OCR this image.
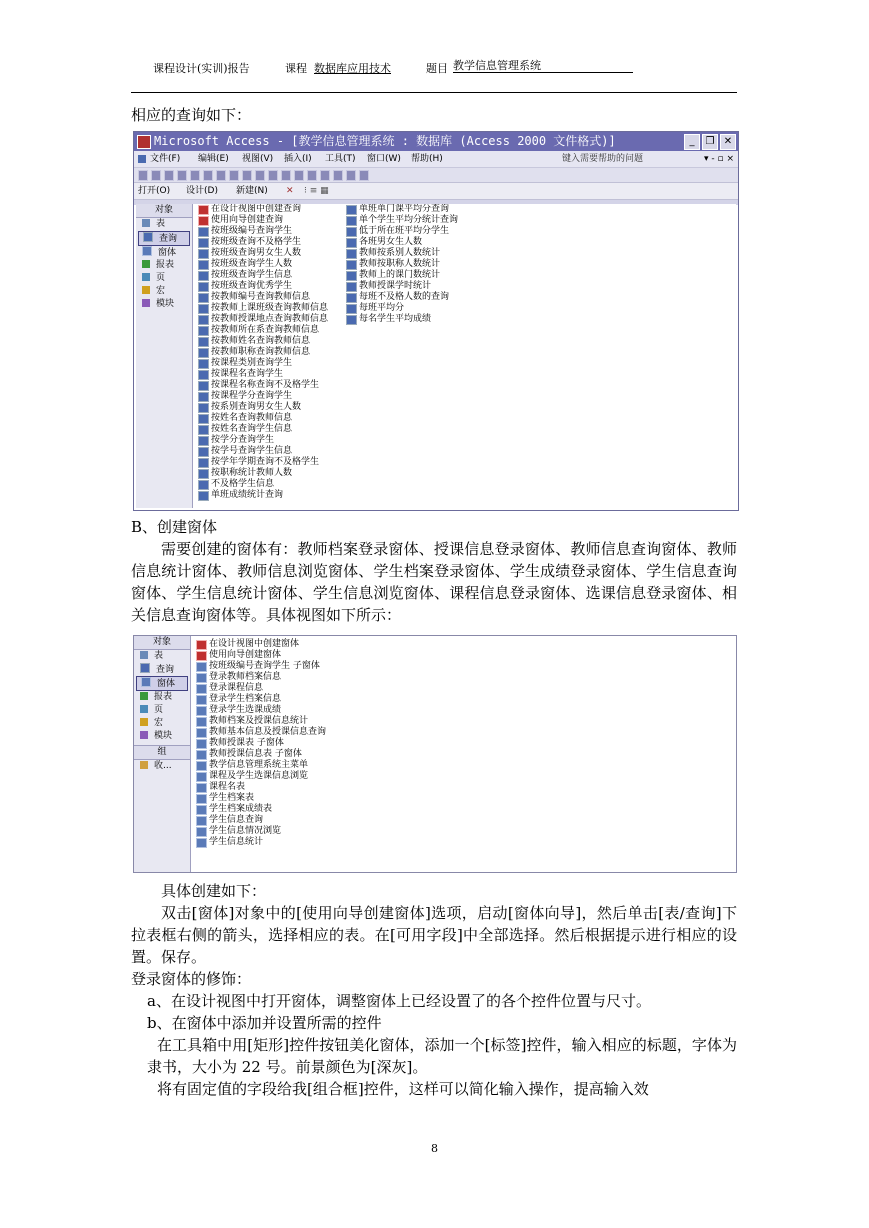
课程设计(实训)报告	课程 数据库应用技术	题目 教学信息管理系统
相应的查询如下：
Microsoft Access - [教学信息管理系统 : 数据库 (Access 2000 文件格式)]	_	❐ ✕
文件(F) 编辑(E) 视图(V) 插入(I) 工具(T) 窗口(W) 帮助(H)	键入需要帮助的问题	▾ - ▫ ×
打开(O) 设计(D) 新建(N) ✕ ⁝ ≡ ▦
对象
表
查询
窗体
报表
页
宏
模块
在设计视图中创建查询
使用向导创建查询
按班级编号查询学生
按班级查询不及格学生
按班级查询男女生人数
按班级查询学生人数
按班级查询学生信息
按班级查询优秀学生
按教师编号查询教师信息
按教师上课班级查询教师信息
按教师授课地点查询教师信息
按教师所在系查询教师信息
按教师姓名查询教师信息
按教师职称查询教师信息
按课程类别查询学生
按课程名查询学生
按课程名称查询不及格学生
按课程学分查询学生
按系别查询男女生人数
按姓名查询教师信息
按姓名查询学生信息
按学分查询学生
按学号查询学生信息
按学年学期查询不及格学生
按职称统计教师人数
不及格学生信息
单班成绩统计查询
单班单门课平均分查询
单个学生平均分统计查询
低于所在班平均分学生
各班男女生人数
教师按系别人数统计
教师按职称人数统计
教师上的课门数统计
教师授课学时统计
每班不及格人数的查询
每班平均分
每名学生平均成绩
B、创建窗体
需要创建的窗体有：教师档案登录窗体、授课信息登录窗体、教师信息查询窗体、教师信息统计窗体、教师信息浏览窗体、学生档案登录窗体、学生成绩登录窗体、学生信息查询窗体、学生信息统计窗体、学生信息浏览窗体、课程信息登录窗体、选课信息登录窗体、相关信息查询窗体等。具体视图如下所示：
对象
表
查询
窗体
报表
页
宏
模块
组
收...
在设计视图中创建窗体
使用向导创建窗体
按班级编号查询学生 子窗体
登录教师档案信息
登录课程信息
登录学生档案信息
登录学生选课成绩
教师档案及授课信息统计
教师基本信息及授课信息查询
教师授课表 子窗体
教师授课信息表 子窗体
教学信息管理系统主菜单
课程及学生选课信息浏览
课程名表
学生档案表
学生档案成绩表
学生信息查询
学生信息情况浏览
学生信息统计
具体创建如下：
双击[窗体]对象中的[使用向导创建窗体]选项，启动[窗体向导]，然后单击[表/查询]下拉表框右侧的箭头，选择相应的表。在[可用字段]中全部选择。然后根据提示进行相应的设置。保存。
登录窗体的修饰：
a、在设计视图中打开窗体，调整窗体上已经设置了的各个控件位置与尺寸。
b、在窗体中添加并设置所需的控件
在工具箱中用[矩形]控件按钮美化窗体，添加一个[标签]控件，输入相应的标题，字体为隶书，大小为 22 号。前景颜色为[深灰]。
将有固定值的字段给我[组合框]控件，这样可以简化输入操作，提高输入效
8
